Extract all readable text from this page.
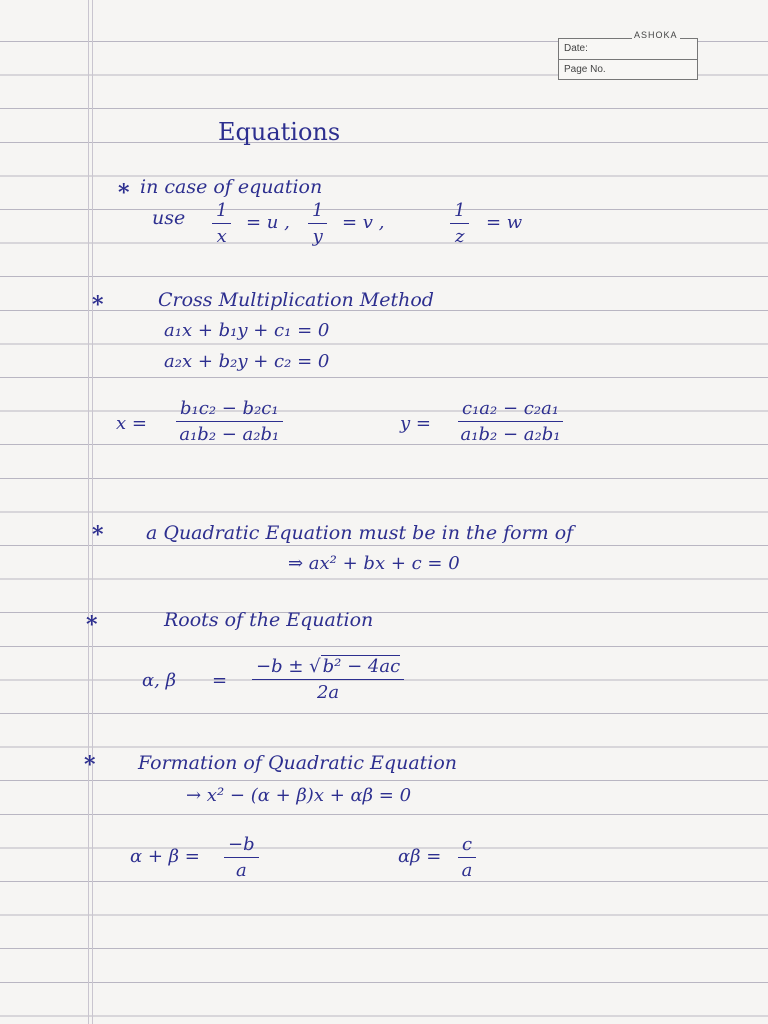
ASHOKA
Date:
Page No.
Equations
* in case of equation
use $\frac{1}{x} = u$ , $\frac{1}{y} = v$ ,	$\frac{1}{z} = w$
*	Cross Multiplication Method
a₁x + b₁y + c₁ = 0
a₂x + b₂y + c₂ = 0
$x = \frac{\text{b₁c₂ − b₂c₁}}{\text{a₁b₂ − a₂b₁}}$	$y = \frac{\text{c₁a₂ − c₂a₁}}{\text{a₁b₂ − a₂b₁}}$
* a Quadratic Equation must be in the form of
⇒ ax² + bx + c = 0
*	Roots of the Equation
α, $\beta = \frac{\text{−b ± √ b² − 4ac}}{2a}$
* Formation of Quadratic Equation
→ x² − (α + β)x + αβ = 0
$\alpha + \beta = \frac{-b}{a}$	$\alpha\beta = \frac{c}{a}$
